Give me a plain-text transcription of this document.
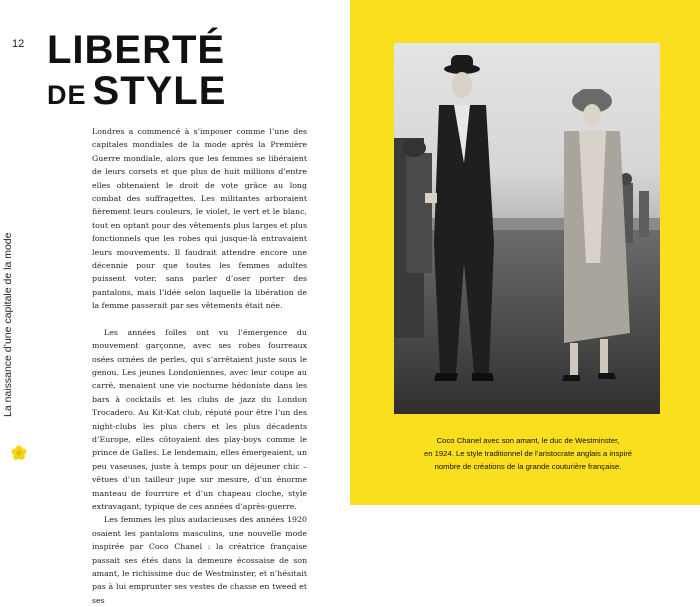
12 LIBERTÉ
DE STYLE
La naissance d’une capitale de la mode

Londres a commencé à s’imposer comme l’une des capitales mondiales de la mode après la Première Guerre mondiale, alors que les femmes se libéraient de leurs corsets et que plus de huit millions d’entre elles obtenaient le droit de vote grâce au long combat des suffragettes. Les militantes arboraient fièrement leurs couleurs, le violet, le vert et le blanc, tout en optant pour des vêtements plus larges et plus fonctionnels que les robes qui jusque-là entravaient leurs mouvements. Il faudrait attendre encore une décennie pour que toutes les femmes adultes puissent voter, sans parler d’oser porter des pantalons, mais l’idée selon laquelle la libération de la femme passerait par ses vêtements était née.

Les années folles ont vu l’émergence du mouvement garçonne, avec ses robes fourreaux osées ornées de perles, qui s’arrêtaient juste sous le genou. Les jeunes Londoniennes, avec leur coupe au carré, menaient une vie nocturne hédoniste dans les bars à cocktails et les clubs de jazz du London Trocadero. Au Kit-Kat club, réputé pour être l’un des night-clubs les plus chers et les plus décadents d’Europe, elles côtoyaient des play-boys comme le prince de Galles. Le lendemain, elles émergeaient, un peu vaseuses, juste à temps pour un déjeuner chic – vêtues d’un tailleur jupe sur mesure, d’un énorme manteau de fourrure et d’un chapeau cloche, style extravagant, typique de ces années d’après-guerre.

Les femmes les plus audacieuses des années 1920 osaient les pantalons masculins, une nouvelle mode inspirée par Coco Chanel : la créatrice française passait ses étés dans la demeure écossaise de son amant, le richissime duc de Westminster, et n’hésitait pas à lui emprunter ses vestes de chasse en tweed et ses

Coco Chanel avec son amant, le duc de Westminster,
en 1924. Le style traditionnel de l’aristocrate anglais a inspiré
nombre de créations de la grande couturière française.
